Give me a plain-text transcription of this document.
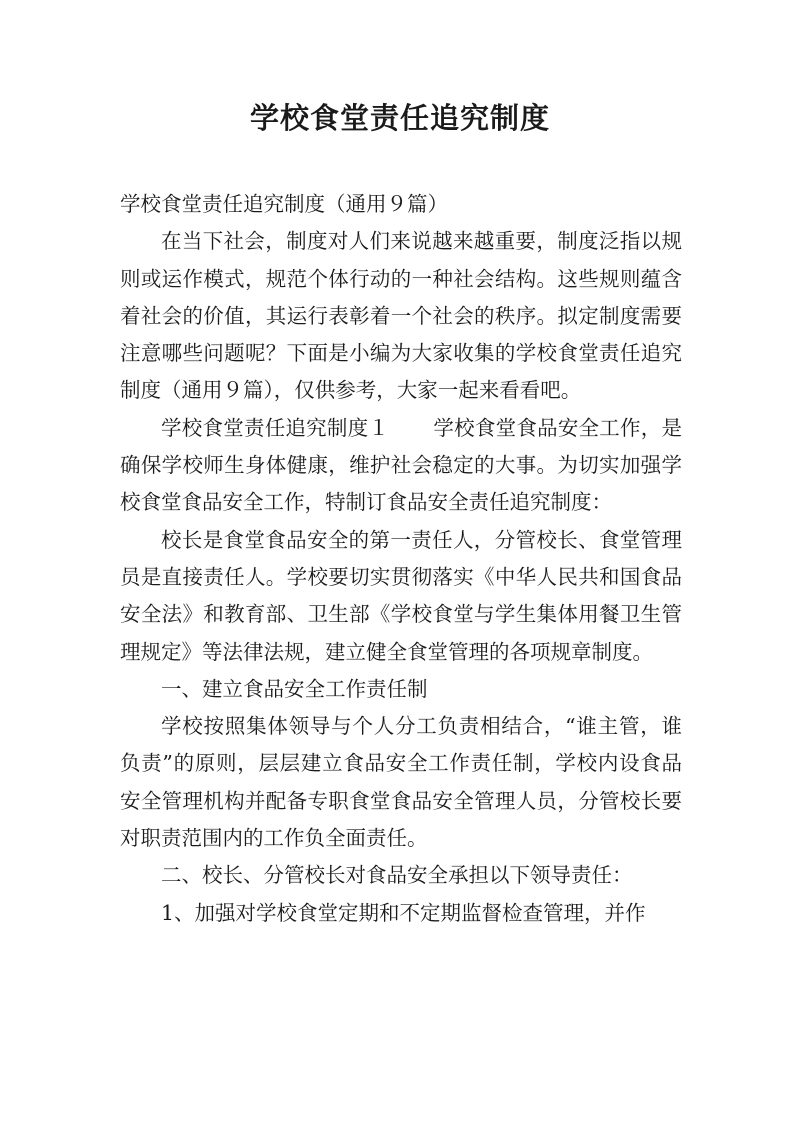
学校食堂责任追究制度

学校食堂责任追究制度（通用９篇）

在当下社会，制度对人们来说越来越重要，制度泛指以规则或运作模式，规范个体行动的一种社会结构。这些规则蕴含着社会的价值，其运行表彰着一个社会的秩序。拟定制度需要注意哪些问题呢？下面是小编为大家收集的学校食堂责任追究制度（通用９篇），仅供参考，大家一起来看看吧。

学校食堂责任追究制度１ 学校食堂食品安全工作，是确保学校师生身体健康，维护社会稳定的大事。为切实加强学校食堂食品安全工作，特制订食品安全责任追究制度：

校长是食堂食品安全的第一责任人，分管校长、食堂管理员是直接责任人。学校要切实贯彻落实《中华人民共和国食品安全法》和教育部、卫生部《学校食堂与学生集体用餐卫生管理规定》等法律法规，建立健全食堂管理的各项规章制度。

一、建立食品安全工作责任制

学校按照集体领导与个人分工负责相结合，“谁主管，谁负责”的原则，层层建立食品安全工作责任制，学校内设食品安全管理机构并配备专职食堂食品安全管理人员，分管校长要对职责范围内的工作负全面责任。

二、校长、分管校长对食品安全承担以下领导责任：

1、加强对学校食堂定期和不定期监督检查管理，并作
